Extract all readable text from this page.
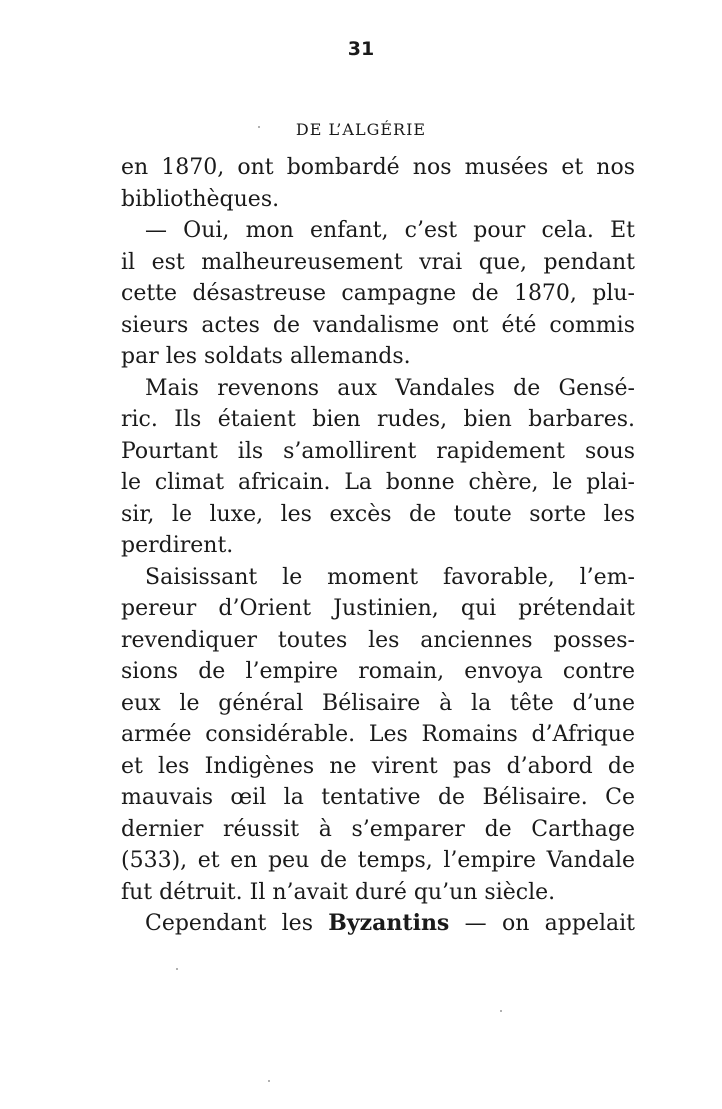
31
DE L’ALGÉRIE
en 1870, ont bombardé nos musées et nos
bibliothèques.
— Oui, mon enfant, c’est pour cela. Et
il est malheureusement vrai que, pendant
cette désastreuse campagne de 1870, plu-
sieurs actes de vandalisme ont été commis
par les soldats allemands.
Mais revenons aux Vandales de Gensé-
ric. Ils étaient bien rudes, bien barbares.
Pourtant ils s’amollirent rapidement sous
le climat africain. La bonne chère, le plai-
sir, le luxe, les excès de toute sorte les
perdirent.
Saisissant le moment favorable, l’em-
pereur d’Orient Justinien, qui prétendait
revendiquer toutes les anciennes posses-
sions de l’empire romain, envoya contre
eux le général Bélisaire à la tête d’une
armée considérable. Les Romains d’Afrique
et les Indigènes ne virent pas d’abord de
mauvais œil la tentative de Bélisaire. Ce
dernier réussit à s’emparer de Carthage
(533), et en peu de temps, l’empire Vandale
fut détruit. Il n’avait duré qu’un siècle.
Cependant les Byzantins — on appelait
